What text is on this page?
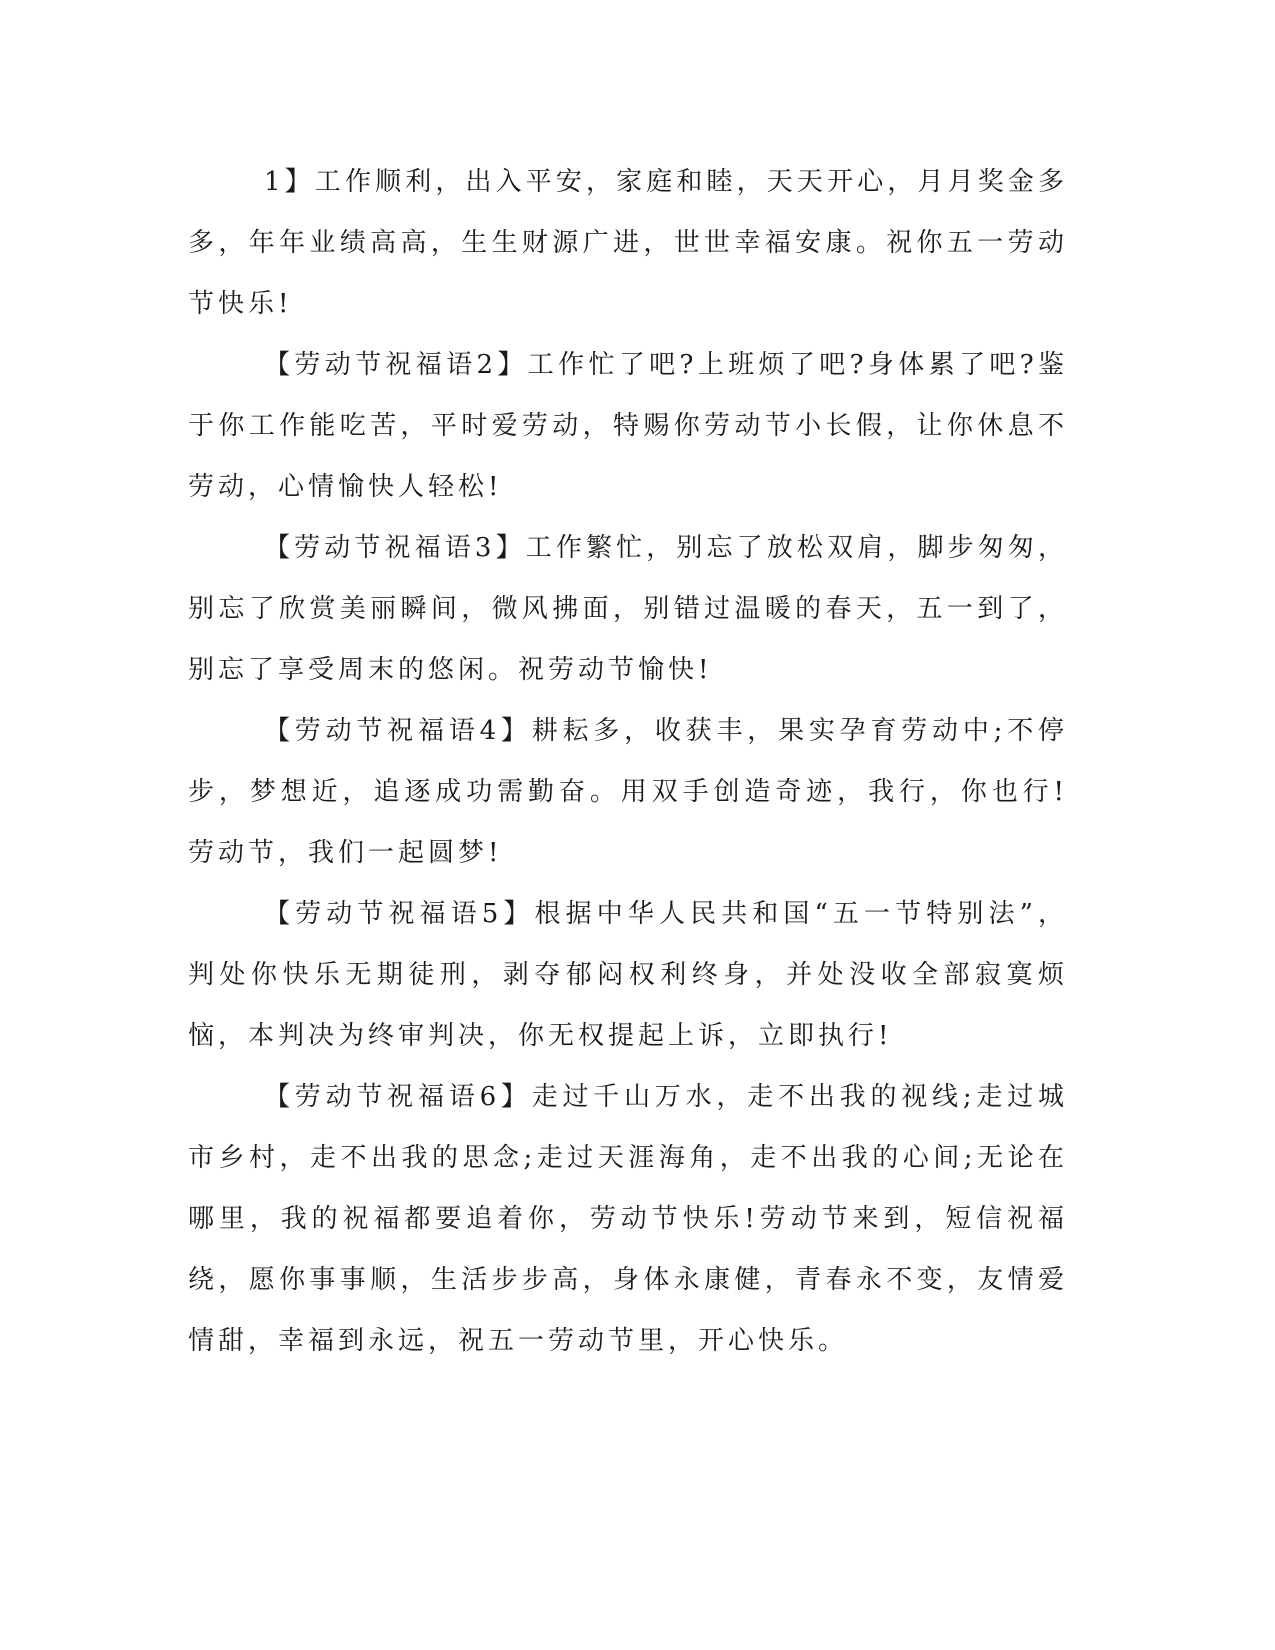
1】工作顺利，出入平安，家庭和睦，天天开心，月月奖金多多，年年业绩高高，生生财源广进，世世幸福安康。祝你五一劳动节快乐!

【劳动节祝福语2】工作忙了吧?上班烦了吧?身体累了吧?鉴于你工作能吃苦，平时爱劳动，特赐你劳动节小长假，让你休息不劳动，心情愉快人轻松!

【劳动节祝福语3】工作繁忙，别忘了放松双肩，脚步匆匆，别忘了欣赏美丽瞬间，微风拂面，别错过温暖的春天，五一到了，别忘了享受周末的悠闲。祝劳动节愉快!

【劳动节祝福语4】耕耘多，收获丰，果实孕育劳动中;不停步，梦想近，追逐成功需勤奋。用双手创造奇迹，我行，你也行!劳动节，我们一起圆梦!

【劳动节祝福语5】根据中华人民共和国“五一节特别法”，判处你快乐无期徒刑，剥夺郁闷权利终身，并处没收全部寂寞烦恼，本判决为终审判决，你无权提起上诉，立即执行!

【劳动节祝福语6】走过千山万水，走不出我的视线;走过城市乡村，走不出我的思念;走过天涯海角，走不出我的心间;无论在哪里，我的祝福都要追着你，劳动节快乐!劳动节来到，短信祝福绕，愿你事事顺，生活步步高，身体永康健，青春永不变，友情爱情甜，幸福到永远，祝五一劳动节里，开心快乐。
